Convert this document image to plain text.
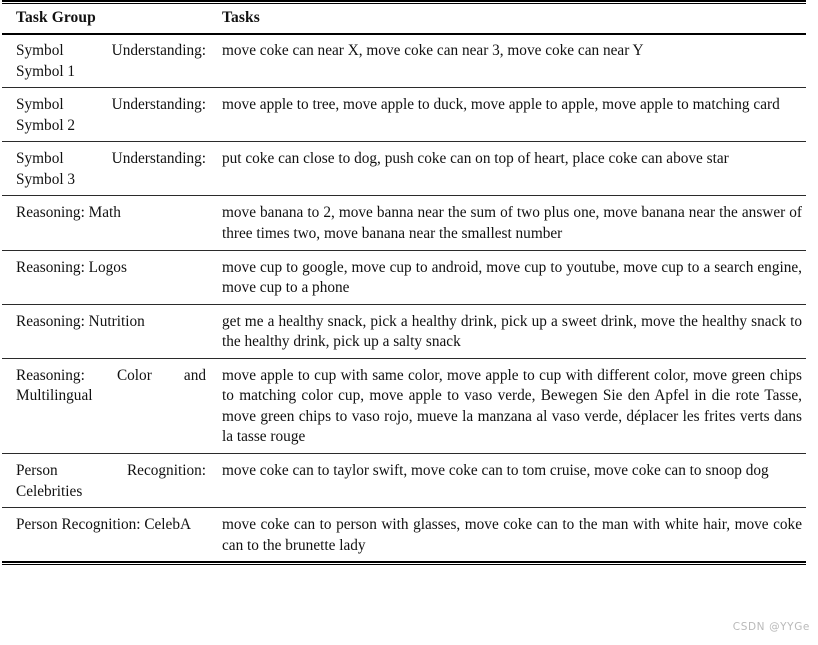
Task Group	Tasks
Symbol Understanding: Symbol 1	move coke can near X, move coke can near 3, move coke can near Y
Symbol Understanding: Symbol 2	move apple to tree, move apple to duck, move apple to apple, move apple to matching card
Symbol Understanding: Symbol 3	put coke can close to dog, push coke can on top of heart, place coke can above star
Reasoning: Math	move banana to 2, move banna near the sum of two plus one, move banana near the answer of three times two, move banana near the smallest number
Reasoning: Logos	move cup to google, move cup to android, move cup to youtube, move cup to a search engine, move cup to a phone
Reasoning: Nutrition	get me a healthy snack, pick a healthy drink, pick up a sweet drink, move the healthy snack to the healthy drink, pick up a salty snack
Reasoning: Color and Multilingual	move apple to cup with same color, move apple to cup with different color, move green chips to matching color cup, move apple to vaso verde, Bewegen Sie den Apfel in die rote Tasse, move green chips to vaso rojo, mueve la manzana al vaso verde, déplacer les frites verts dans la tasse rouge
Person Recognition: Celebrities	move coke can to taylor swift, move coke can to tom cruise, move coke can to snoop dog
Person Recognition: CelebA	move coke can to person with glasses, move coke can to the man with white hair, move coke can to the brunette lady
CSDN @YYGe
